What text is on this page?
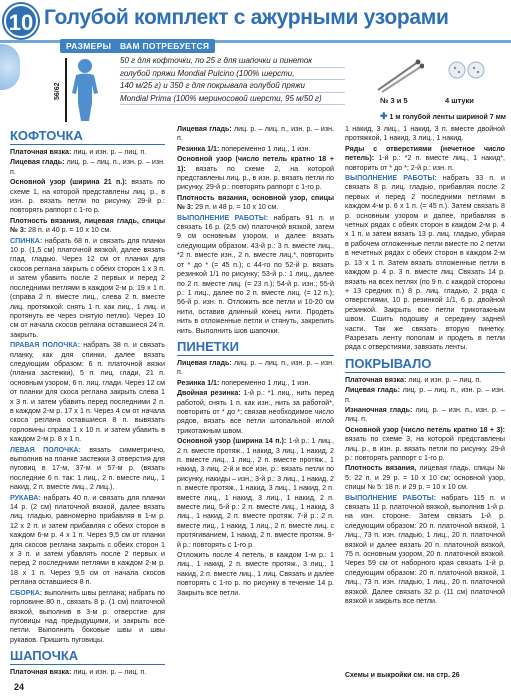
10 Голубой комплект с ажурными узорами
РАЗМЕРЫ	ВАМ ПОТРЕБУЕТСЯ
56/62
50 г для кофточки, по 25 г для шапочки и пинеток
голубой пряжи Mondial Pulcino (100% шерсти,
140 м/25 г) и 350 г для покрывала голубой пряжи
Mondial Prima (100% мериносовой шерсти, 95 м/50 г)	№ 3 и 5	4 штуки
✚ 1 м голубой ленты шириной 7 мм
КОФТОЧКА

Платочная вязка: лиц. и изн. р. – лиц. п.

Лицевая гладь: лиц. р. – лиц. п., изн. р. – изн. п.

Основной узор (ширина 21 п.): вязать по схеме 1, на которой представлены лиц. р., в изн. р. вязать петли по рисунку. 29-й р.: повторять раппорт с 1-го р.

Плотность вязания, лицевая гладь, спицы № 3: 28 п. и 40 р. = 10 х 10 см.

СПИНКА: набрать 68 п. и связать для планки 10 р. (1,5 см) платочной вязкой, далее вязать глад. гладью. Через 12 см от планки для скосов реглана закрыть с обеих сторон 1 х 3 п. и затем убавить после 2 первых и перед 2 последними петлями в каждом 2-м р. 19 х 1 п. (справа 2 п. вместе лиц., слева 2 п. вместе лиц. протяжкой: снять 1 п. как лиц., 1 лиц. и протянуть ее через снятую петлю). Через 10 см от начала скосов реглана оставшиеся 24 п. закрыть.

ПРАВАЯ ПОЛОЧКА: набрать 38 п. и связать планку, как для спинки, далее вязать следующим образом: 6 п. платочной вязки (планка застежки), 5 п. лиц. глади, 21 п. основным узором, 6 п. лиц. глади. Через 12 см от планки для скоса реглана закрыть слева 1 х 3 п. и затем убавить перед последними 2 п. в каждом 2-м р. 17 х 1 п. Через 4 см от начала скоса реглана оставшиеся 8 п. вывязать горловины справа 1 х 10 п. и затем убавить в каждом 2-м р. 8 х 1 п.

ЛЕВАЯ ПОЛОЧКА: вязать симметрично, выполнив на планке застежки 3 отверстия для пуговиц в 17-м, 37-м и 57-м р. (вязать последние 6 п. так: 1 лиц., 2 п. вместе лиц., 1 накид, 2 п. вместе лиц., 2 лиц.).

РУКАВА: набрать 40 п. и связать для планки 14 р. (2 см) платочной вязкой, далее вязать лиц. гладью, равномерно прибавляя в 1-м р. 12 х 2 п. и затем прибавляя с обеих сторон в каждом 6-м р. 4 х 1 п. Через 9,5 см от планки для скосов реглана закрыть с обеих сторон 1 х 3 п. и затем убавлять после 2 первых и перед 2 последними петлями в каждом 2-м р. 18 х 1 п. Через 9,5 см от начала скосов реглана оставшиеся 8 п.

СБОРКА: выполнить швы реглана; набрать по горловине 80 п., связать 8 р. (1 см) платочной вязкой, выполнив в 3-м р. отверстие для пуговицы над предыдущими, и закрыть все петли. Выполнить боковые швы и швы рукавов. Пришить пуговицы.

ШАПОЧКА

Платочная вязка: лиц. и изн. р. – лиц. п.

Лицевая гладь: лиц. р. – лиц. п., изн. р. – изн. п.

Резинка 1/1: попеременно 1 лиц., 1 изн.

Основной узор (число петель кратно 18 + 1): вязать по схеме 2, на которой представлены лиц. р., в изн. р. вязать петли по рисунку. 29-й р.: повторять раппорт с 1-го р.

Плотность вязания, основной узор, спицы № 3: 29 п. и 48 р. = 10 х 10 см.

ВЫПОЛНЕНИЕ РАБОТЫ: набрать 91 п. и связать 16 р. (2,5 см) платочной вязкой, затем 9 см основным узором, и далее вязать следующим образом. 43-й р.: 3 п. вместе лиц., *2 п. вместе изн., 2 п. вместе лиц.*, повторить от * до * (= 45 п.); с 44-го по 52-й р. вязать резинкой 1/1 по рисунку; 53-й р.: 1 лиц., далее по 2 п. вместе лиц. (= 23 п.); 54-й р. изн.; 55-й р.: 1 лиц., далее по 2 п. вместе лиц. (= 12 п.); 56-й р. изн. п. Отложить все петли и 10-20 см нити, оставив длинный конец нити. Продеть нить в отложенные петли и стянуть, закрепить нить. Выполнить шов шапочки.

ПИНЕТКИ

Лицевая гладь: лиц. р. – лиц. п., изн. р. – изн. п.

Резинка 1/1: попеременно 1 лиц., 1 изн.

Двойная резинка: 1-й р.: *1 лиц., нить перед работой, снять 1 п. как изн., нить за работой*, повторить от * до *; связав необходимое число рядов, вязать все петли штопальной иглой трикотажным швом.

Основной узор (ширина 14 п.): 1-й р.: 1 лиц., 2 п. вместе протяж., 1 накид, 3 лиц., 1 накид, 2 п. вместе лиц., 1 лиц., 2 п. вместе протяж., 1 накид, 3 лиц. 2-й и все изн. р.: вязать петли по рисунку, накиды – изн.; 3-й р.: 3 лиц., 1 накид, 2 п. вместе протяж., 1 накид, 3 лиц., 1 накид, 2 п. вместе лиц., 1 накид, 3 лиц., 1 накид, 2 п. вместе лиц. 5-й р.: 2 п. вместе лиц., 1 накид, 3 лиц., 1 накид, 2 п. вместе протяж. 7-й р.: 2 п. вместе лиц., 1 накид, 1 лиц., 2 п. вместе лиц. с протягиванием, 1 накид, 2 п. вместе протяж. 9-й р.: повторять с 1-го р.

Отложить после 4 петель, в каждом 1-м р.: 1 лиц., 1 накид, 2 п. вместе протяж., 3 лиц., 1 накид, 2 п. вместе лиц., 1 лиц. Связать и далее повторять с 1-го р. по рисунку в течение 14 р. Закрыть все петли.

1 накид, 3 лиц., 1 накид, 3 п. вместе двойной протяжкой, 1 накид, 3 лиц., 1 накид.

Ряды с отверстиями (нечетное число петель): 1-й р.: *2 п. вместе лиц., 1 накид*, повторить от * до *; 2-й р.: изн. п.

ВЫПОЛНЕНИЕ РАБОТЫ: набрать 33 п. и связать 8 р. лиц. гладью, прибавляя после 2 первых и перед 2 последними петлями в каждом 4-м р. 6 х 1 п. (= 45 п.). Затем связать 8 р. основным узором и далее, прибавляя в четных рядах с обеих сторон в каждом 2-м р. 4 х 1 п. и затем вязать 13 р. лиц. гладью, убирая в рабочем отложенные петли вместе по 2 петли в нечетных рядах с обеих сторон в каждом 2-м р. 13 х 1 п. Затем вязать отложенные петли в каждом р. 4 р. 3 п. вместе лиц. Связать 14 р. вязать на всех петлях (по 9 п. с каждой стороны + 13 средних п.) 8 р. лиц. гладью, 2 ряда с отверстиями, 10 р. резинкой 1/1, 6 р. двойной резинкой. Закрыть все петли трикотажным швом. Сшить подошву и середину задней части. Так же связать вторую пинетку. Разрезать ленту пополам и продеть в петли ряда с отверстиями, завязать ленты.

ПОКРЫВАЛО

Платочная вязка: лиц. и изн. р. – лиц. п.

Лицевая гладь: лиц. р. – лиц. п., изн. р. – изн. п.

Изнаночная гладь: лиц. р. – изн. п., изн. р. – лиц. п.

Основной узор (число петель кратно 18 + 3): вязать по схеме 3, на которой представлены лиц. р., в изн. р. вязать петли по рисунку. 29-й р.: повторять раппорт с 1-го р.

Плотность вязания, лицевая гладь, спицы № 5: 22 п. и 29 р. = 10 х 10 см; основной узор, спицы № 5: 18 п. и 29 р. = 10 х 10 см.

ВЫПОЛНЕНИЕ РАБОТЫ: набрать 115 п. и связать 11 р. платочной вязкой, выполнив 1-й р. на изн. стороне. Затем связать 1-й р. следующим образом: 20 п. платочной вязкой, 1 лиц., 73 п. изн. гладью, 1 лиц., 20 п. платочной вязкой и далее вязать 20 п. платочной вязкой, 75 п. основным узором, 20 п. платочной вязкой. Через 59 см от наборного края связать 1-й р. следующим образом: 20 п. платочной вязкой, 1 лиц., 73 п. изн. гладью, 1 лиц., 20 п. платочной вязкой. Далее связать 32 р. (11 см) платочной вязкой и закрыть все петли.

Схемы и выкройки см. на стр. 26
24
